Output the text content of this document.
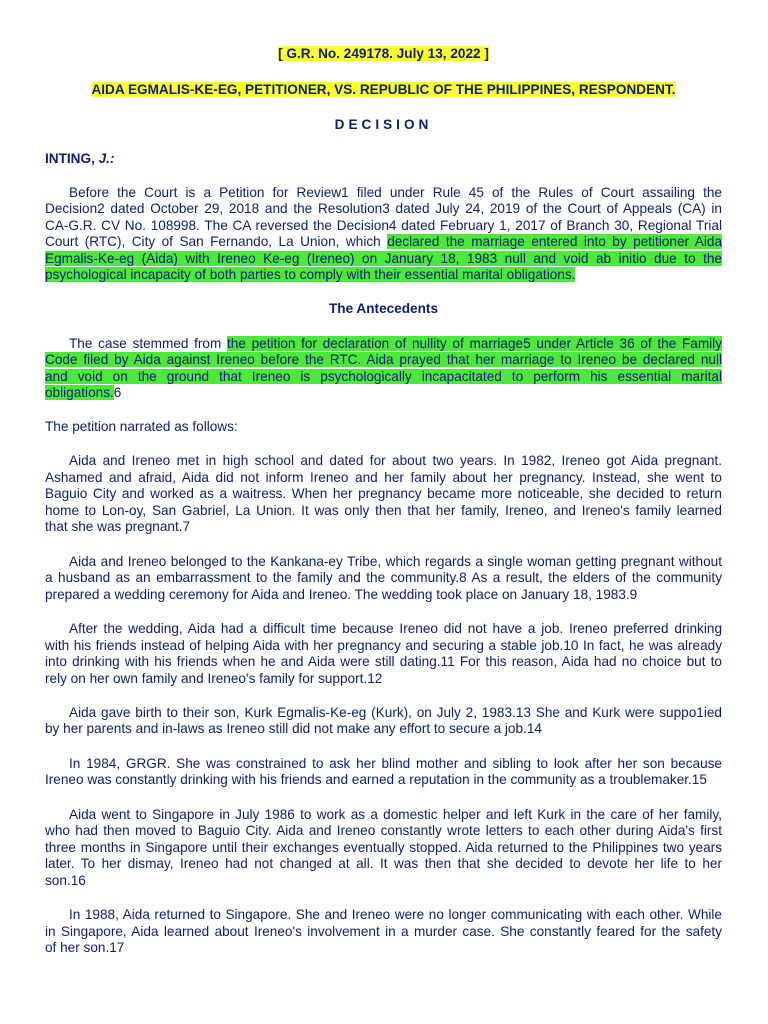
[ G.R. No. 249178. July 13, 2022 ]
AIDA EGMALIS-KE-EG, PETITIONER, VS. REPUBLIC OF THE PHILIPPINES, RESPONDENT.
DECISION
INTING, J.:
Before the Court is a Petition for Review1 filed under Rule 45 of the Rules of Court assailing the
Decision2 dated October 29, 2018 and the Resolution3 dated July 24, 2019 of the Court of Appeals (CA) in
CA-G.R. CV No. 108998. The CA reversed the Decision4 dated February 1, 2017 of Branch 30, Regional Trial
Court (RTC), City of San Fernando, La Union, which declared the marriage entered into by petitioner Aida
Egmalis-Ke-eg (Aida) with Ireneo Ke-eg (Ireneo) on January 18, 1983 null and void ab initio due to the
psychological incapacity of both parties to comply with their essential marital obligations.
The Antecedents
The case stemmed from the petition for declaration of nullity of marriage5 under Article 36 of the Family
Code filed by Aida against Ireneo before the RTC. Aida prayed that her marriage to Ireneo be declared null
and void on the ground that Ireneo is psychologically incapacitated to perform his essential marital
obligations.6
The petition narrated as follows:
Aida and Ireneo met in high school and dated for about two years. In 1982, Ireneo got Aida pregnant.
Ashamed and afraid, Aida did not inform Ireneo and her family about her pregnancy. Instead, she went to
Baguio City and worked as a waitress. When her pregnancy became more noticeable, she decided to return
home to Lon-oy, San Gabriel, La Union. It was only then that her family, Ireneo, and Ireneo's family learned
that she was pregnant.7
Aida and Ireneo belonged to the Kankana-ey Tribe, which regards a single woman getting pregnant without
a husband as an embarrassment to the family and the community.8 As a result, the elders of the community
prepared a wedding ceremony for Aida and Ireneo. The wedding took place on January 18, 1983.9
After the wedding, Aida had a difficult time because Ireneo did not have a job. Ireneo preferred drinking
with his friends instead of helping Aida with her pregnancy and securing a stable job.10 In fact, he was already
into drinking with his friends when he and Aida were still dating.11 For this reason, Aida had no choice but to
rely on her own family and Ireneo's family for support.12
Aida gave birth to their son, Kurk Egmalis-Ke-eg (Kurk), on July 2, 1983.13 She and Kurk were suppo1ied
by her parents and in-laws as Ireneo still did not make any effort to secure a job.14
In 1984, GRGR. She was constrained to ask her blind mother and sibling to look after her son because
Ireneo was constantly drinking with his friends and earned a reputation in the community as a troublemaker.15
Aida went to Singapore in July 1986 to work as a domestic helper and left Kurk in the care of her family,
who had then moved to Baguio City. Aida and Ireneo constantly wrote letters to each other during Aida's first
three months in Singapore until their exchanges eventually stopped. Aida returned to the Philippines two years
later. To her dismay, Ireneo had not changed at all. It was then that she decided to devote her life to her
son.16
In 1988, Aida returned to Singapore. She and Ireneo were no longer communicating with each other. While
in Singapore, Aida learned about Ireneo's involvement in a murder case. She constantly feared for the safety
of her son.17
